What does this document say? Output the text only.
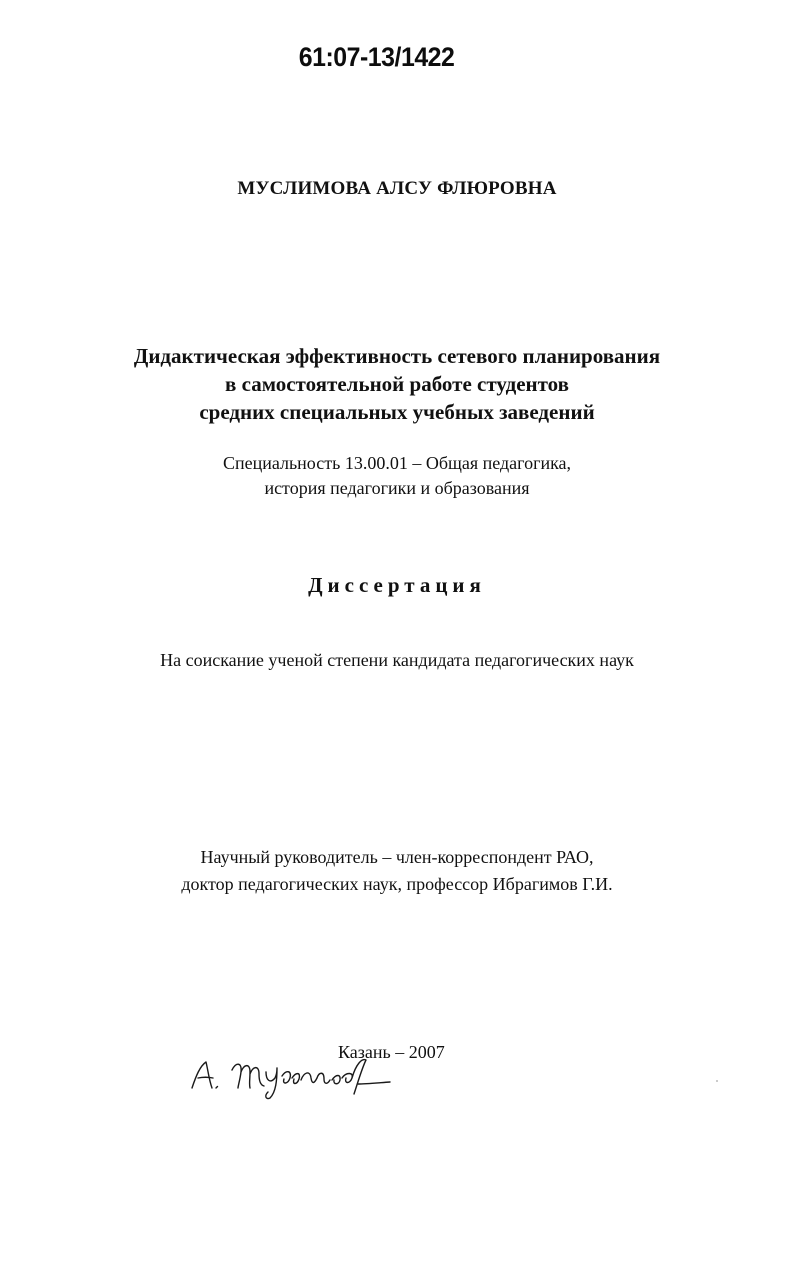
61:07-13/1422
МУСЛИМОВА АЛСУ ФЛЮРОВНА
Дидактическая эффективность сетевого планирования
в самостоятельной работе студентов
средних специальных учебных заведений
Специальность 13.00.01 – Общая педагогика,
история педагогики и образования
Диссертация
На соискание ученой степени кандидата педагогических наук
Научный руководитель – член-корреспондент РАО,
доктор педагогических наук, профессор Ибрагимов Г.И.
Казань – 2007
